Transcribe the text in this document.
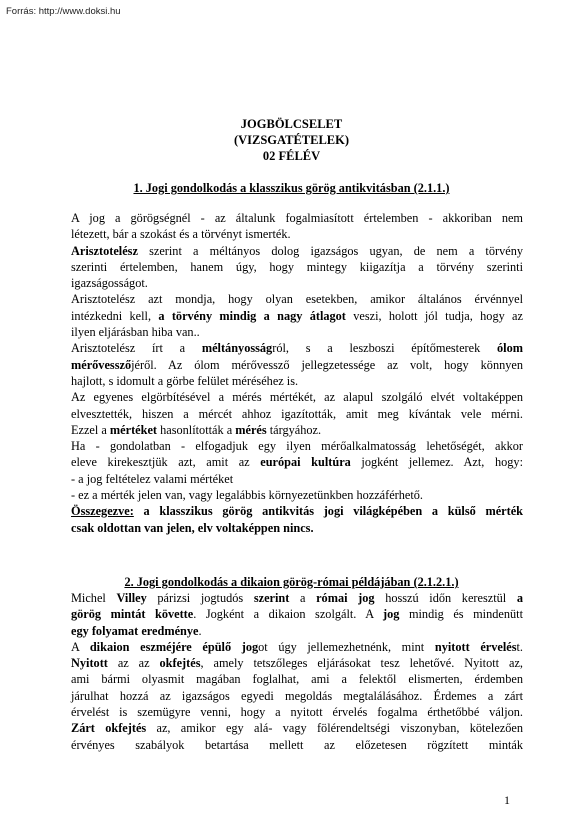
Forrás: http://www.doksi.hu
JOGBÖLCSELET
(VIZSGATÉTELEK)
02 FÉLÉV
1. Jogi gondolkodás a klasszikus görög antikvitásban (2.1.1.)
A jog a görögségnél - az általunk fogalmiasított értelemben - akkoriban nem
létezett, bár a szokást és a törvényt ismerték.
Arisztotelész szerint a méltányos dolog igazságos ugyan, de nem a törvény
szerinti értelemben, hanem úgy, hogy mintegy kiigazítja a törvény szerinti
igazságosságot.
Arisztotelész azt mondja, hogy olyan esetekben, amikor általános érvénnyel
intézkedni kell, a törvény mindig a nagy átlagot veszi, holott jól tudja, hogy az
ilyen eljárásban hiba van..
Arisztotelész írt a méltányosságról, s a leszboszi építőmesterek ólom
mérővesszőjéről. Az ólom mérővessző jellegzetessége az volt, hogy könnyen
hajlott, s idomult a görbe felület méréséhez is.
Az egyenes elgörbítésével a mérés mértékét, az alapul szolgáló elvét voltaképpen
elvesztették, hiszen a mércét ahhoz igazították, amit meg kívántak vele mérni.
Ezzel a mértéket hasonlították a mérés tárgyához.
Ha - gondolatban - elfogadjuk egy ilyen mérőalkalmatosság lehetőségét, akkor
eleve kirekesztjük azt, amit az európai kultúra jogként jellemez. Azt, hogy:
- a jog feltételez valami mértéket
- ez a mérték jelen van, vagy legalábbis környezetünkben hozzáférhető.
Összegezve: a klasszikus görög antikvitás jogi világképében a külső mérték
csak oldottan van jelen, elv voltaképpen nincs.
2. Jogi gondolkodás a dikaion görög-római példájában (2.1.2.1.)
Michel Villey párizsi jogtudós szerint a római jog hosszú időn keresztül a
görög mintát követte. Jogként a dikaion szolgált. A jog mindig és mindenütt
egy folyamat eredménye.
A dikaion eszméjére épülő jogot úgy jellemezhetnénk, mint nyitott érvelést.
Nyitott az az okfejtés, amely tetszőleges eljárásokat tesz lehetővé. Nyitott az,
ami bármi olyasmit magában foglalhat, ami a felektől elismerten, érdemben
járulhat hozzá az igazságos egyedi megoldás megtalálásához. Érdemes a zárt
érvelést is szemügyre venni, hogy a nyitott érvelés fogalma érthetőbbé váljon.
Zárt okfejtés az, amikor egy alá- vagy fölérendeltségi viszonyban, kötelezően
érvényes szabályok betartása mellett az előzetesen rögzített minták
1
